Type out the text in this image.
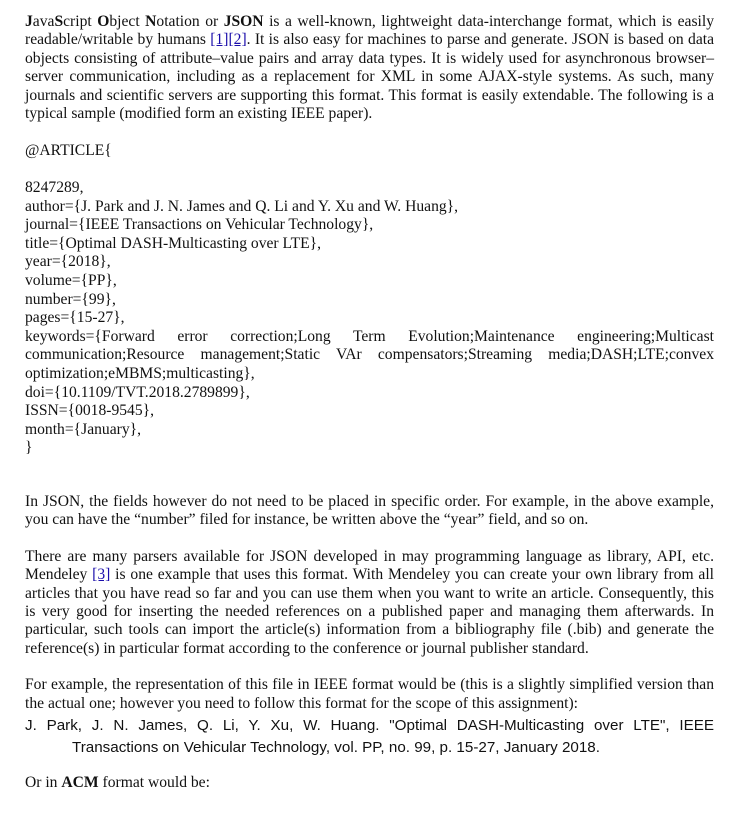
JavaScript Object Notation or JSON is a well-known, lightweight data-interchange format, which is easily readable/writable by humans [1][2]. It is also easy for machines to parse and generate. JSON is based on data objects consisting of attribute–value pairs and array data types. It is widely used for asynchronous browser–server communication, including as a replacement for XML in some AJAX-style systems. As such, many journals and scientific servers are supporting this format. This format is easily extendable. The following is a typical sample (modified form an existing IEEE paper).

@ARTICLE{
8247289,
author={J. Park and J. N. James and Q. Li and Y. Xu and W. Huang},
journal={IEEE Transactions on Vehicular Technology},
title={Optimal DASH-Multicasting over LTE},
year={2018},
volume={PP},
number={99},
pages={15-27},
keywords={Forward error correction;Long Term Evolution;Maintenance engineering;Multicast
communication;Resource management;Static VAr compensators;Streaming media;DASH;LTE;convex
optimization;eMBMS;multicasting},
doi={10.1109/TVT.2018.2789899},
ISSN={0018-9545},
month={January},
}

In JSON, the fields however do not need to be placed in specific order. For example, in the above example, you can have the “number” filed for instance, be written above the “year” field, and so on.

There are many parsers available for JSON developed in may programming language as library, API, etc. Mendeley [3] is one example that uses this format. With Mendeley you can create your own library from all articles that you have read so far and you can use them when you want to write an article. Consequently, this is very good for inserting the needed references on a published paper and managing them afterwards. In particular, such tools can import the article(s) information from a bibliography file (.bib) and generate the reference(s) in particular format according to the conference or journal publisher standard.

For example, the representation of this file in IEEE format would be (this is a slightly simplified version than the actual one; however you need to follow this format for the scope of this assignment):

J. Park, J. N. James, Q. Li, Y. Xu, W. Huang. "Optimal DASH-Multicasting over LTE", IEEE
Transactions on Vehicular Technology, vol. PP, no. 99, p. 15-27, January 2018.

Or in ACM format would be:
